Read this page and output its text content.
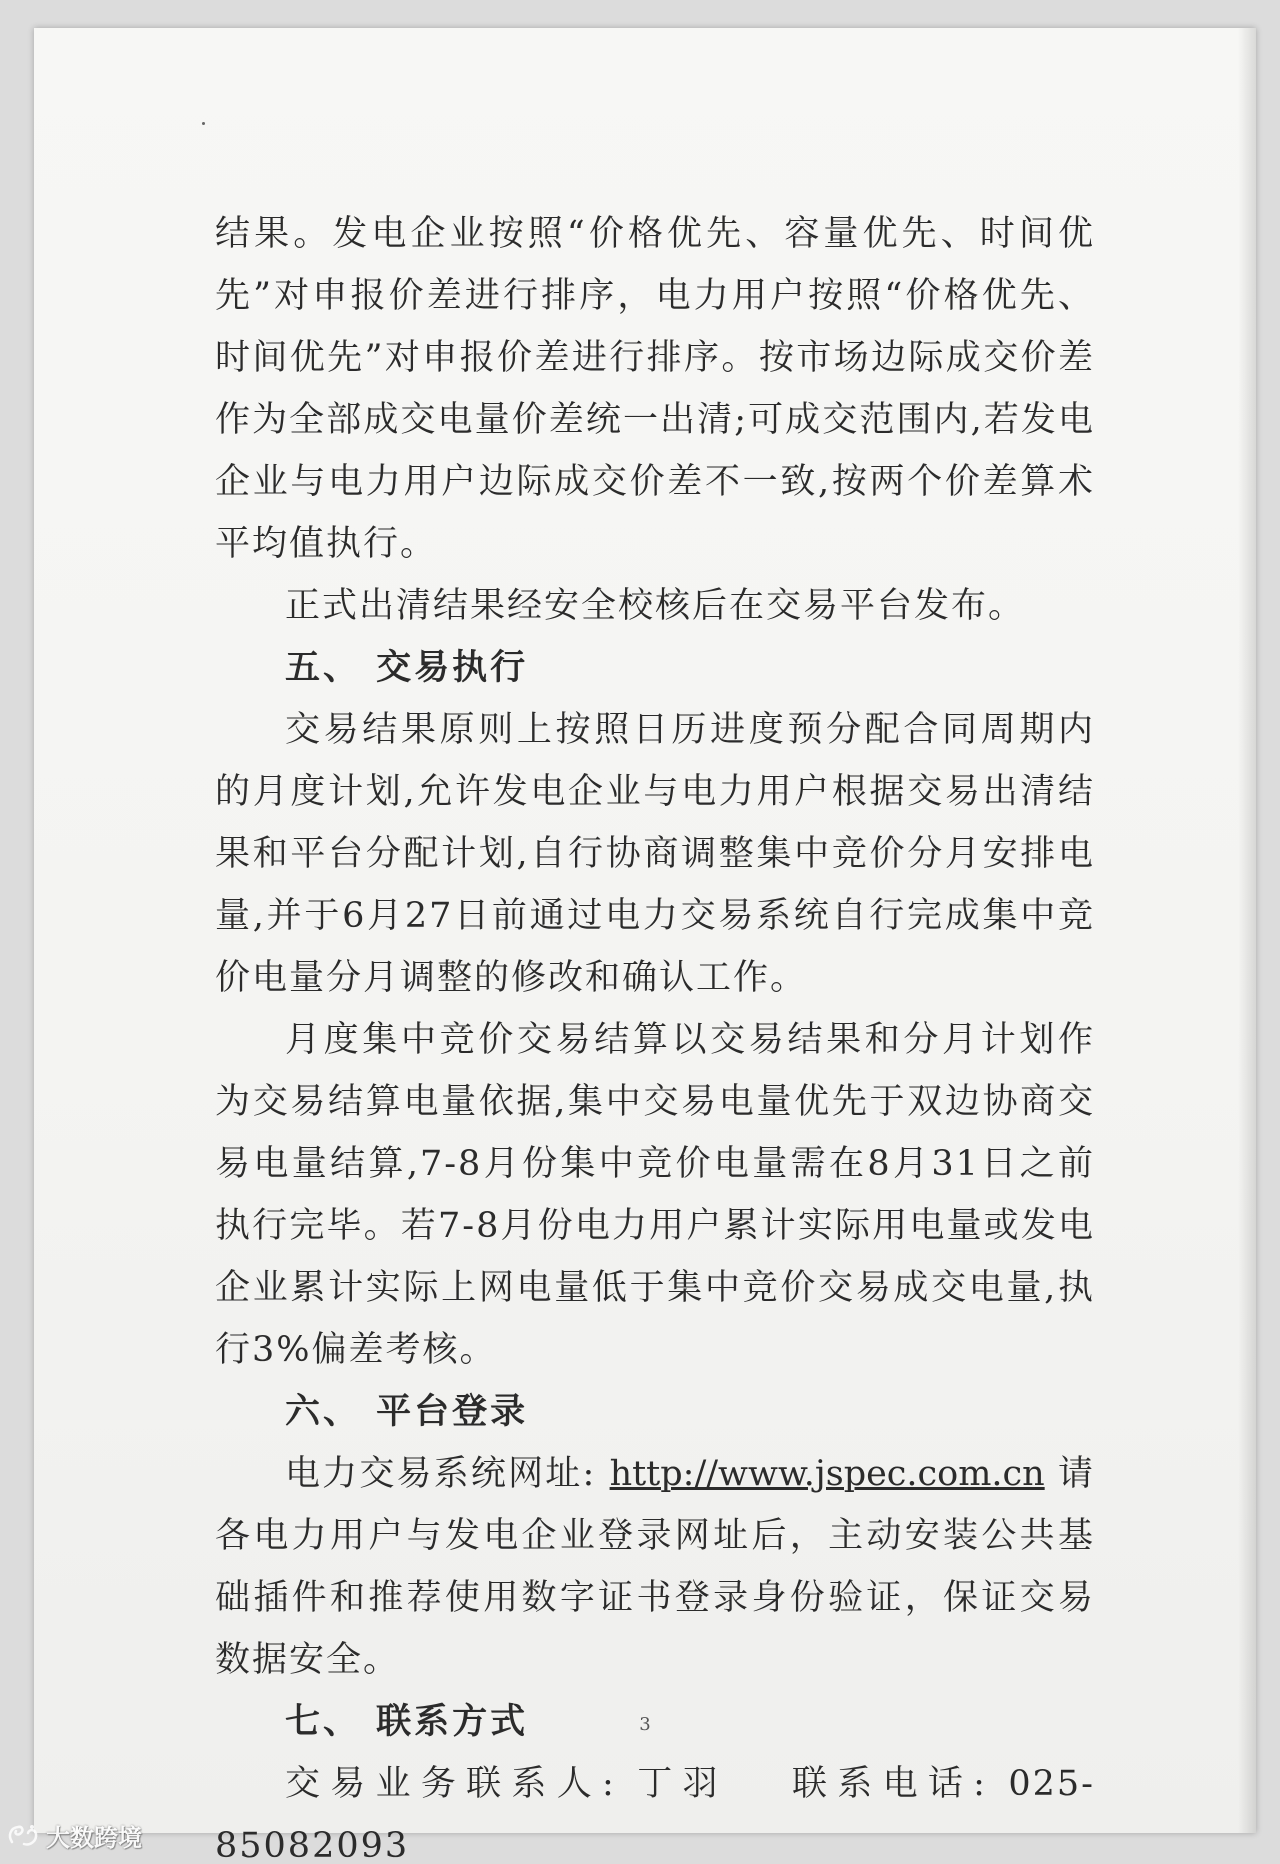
结果。发电企业按照“价格优先、容量优先、时间优先”对申报价差进行排序，电力用户按照“价格优先、时间优先”对申报价差进行排序。按市场边际成交价差作为全部成交电量价差统一出清;可成交范围内,若发电企业与电力用户边际成交价差不一致,按两个价差算术平均值执行。

正式出清结果经安全校核后在交易平台发布。

五、 交易执行

交易结果原则上按照日历进度预分配合同周期内的月度计划,允许发电企业与电力用户根据交易出清结果和平台分配计划,自行协商调整集中竞价分月安排电量,并于6月27日前通过电力交易系统自行完成集中竞价电量分月调整的修改和确认工作。

月度集中竞价交易结算以交易结果和分月计划作为交易结算电量依据,集中交易电量优先于双边协商交易电量结算,7-8月份集中竞价电量需在8月31日之前执行完毕。若7-8月份电力用户累计实际用电量或发电企业累计实际上网电量低于集中竞价交易成交电量,执行3%偏差考核。

六、 平台登录

电力交易系统网址: http://www.jspec.com.cn 请各电力用户与发电企业登录网址后，主动安装公共基础插件和推荐使用数字证书登录身份验证，保证交易数据安全。

七、 联系方式

交易业务联系人: 丁羽   联系电话: 025-85082093

3
大数跨境
